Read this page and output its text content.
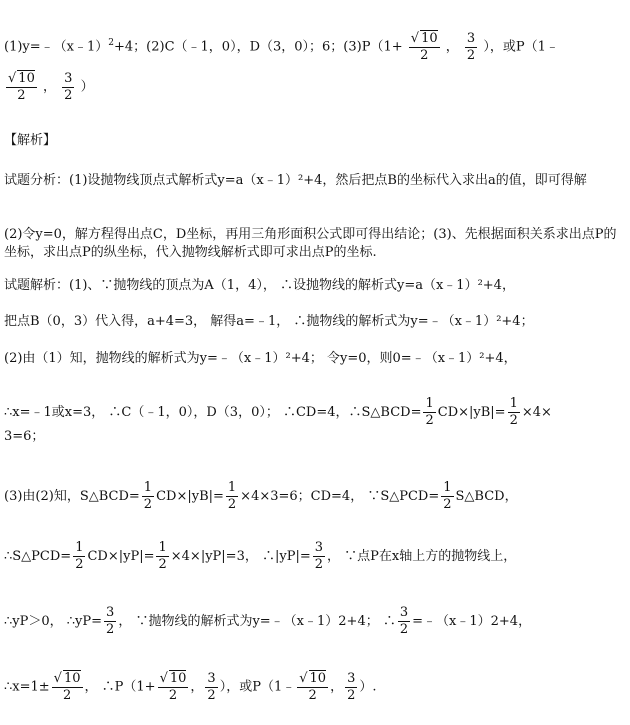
(1)y=﹣（x﹣1）$^2$+4；(2)C（﹣1，0），D（3，0）；6；$(3)P(1+ \frac{√ 10}{2}$ ， $\frac{3}{2}$ ），或P（1﹣
$\frac{√ 10}{2}$ ， $\frac{3}{2}$ ）
【解析】
试题分析：(1)设抛物线顶点式解析式y=a（x﹣1）²+4，然后把点B的坐标代入求出a的值，即可得解
(2)令y=0，解方程得出点C，D坐标，再用三角形面积公式即可得出结论；(3)、先根据面积关系求出点P的坐标，求出点P的纵坐标，代入抛物线解析式即可求出点P的坐标.
试题解析：(1)、∵抛物线的顶点为A（1，4）， ∴设抛物线的解析式y=a（x﹣1）²+4，
把点B（0，3）代入得，a+4=3， 解得a=﹣1， ∴抛物线的解析式为y=﹣（x﹣1）²+4；
(2)由（1）知，抛物线的解析式为y=﹣（x﹣1）²+4； 令y=0，则0=﹣（x﹣1）²+4，
∴x=﹣1或x=3， ∴C（﹣1，0），D（3，0）； ∴CD=4，∴S△BCD= $\frac{1}{2} CD\times|yB|= \frac{1}{2} \times 4\times$
3=6；
(3)由(2)知，S△BCD= $\frac{1}{2} CD\times|yB|= \frac{1}{2} \times 4\times 3=6$；CD=4， ∵S△PCD= $\frac{1}{2}$ S△BCD，
∴S△PCD= $\frac{1}{2} CD\times|yP|= \frac{1}{2} \times 4\times|yP|=3$， ∴|yP|= $\frac{3}{2}$ ， ∵点P在x轴上方的抛物线上，
∴yP＞0， ∴yP= $\frac{3}{2}$ ， ∵抛物线的解析式为y=﹣（x﹣1）2+4； ∴ $\frac{3}{2}$ =﹣（x﹣1）2+4，
∴x=1± $\frac{√ 10}{2}$ ， ∴P（1+ $\frac{√ 10}{2}$ ， $\frac{3}{2}$ ），或P（1﹣ $\frac{√ 10}{2}$ ， $\frac{3}{2}$ ）.
